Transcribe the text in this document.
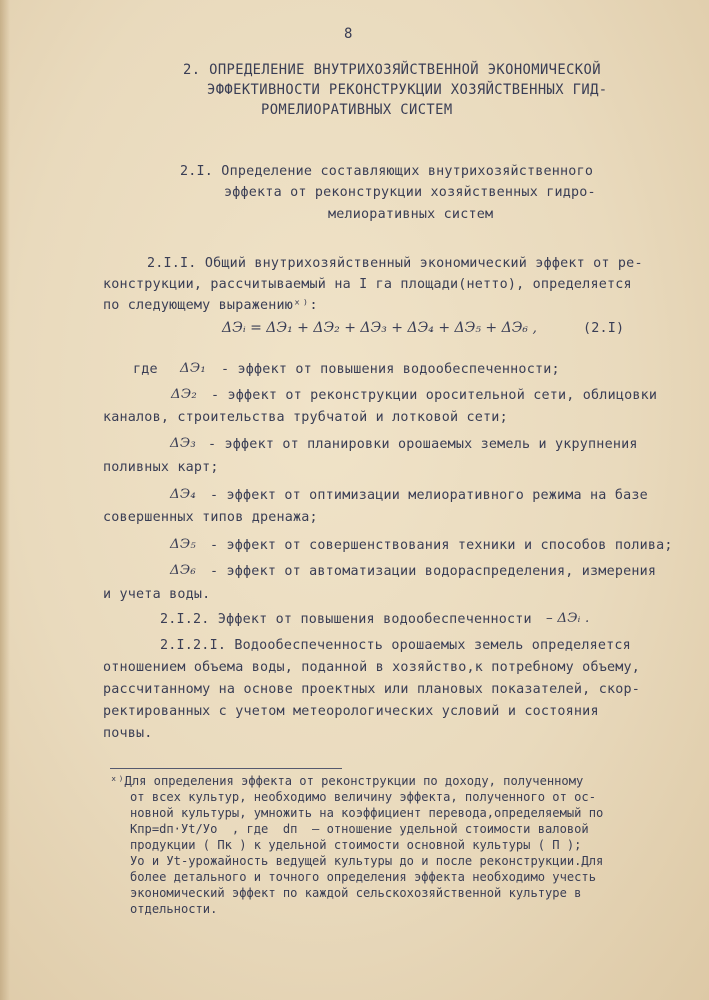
8
2. ОПРЕДЕЛЕНИЕ ВНУТРИХОЗЯЙСТВЕННОЙ ЭКОНОМИЧЕСКОЙ
ЭФФЕКТИВНОСТИ РЕКОНСТРУКЦИИ ХОЗЯЙСТВЕННЫХ ГИД-
РОМЕЛИОРАТИВНЫХ СИСТЕМ
2.I. Определение составляющих внутрихозяйственного
эффекта от реконструкции хозяйственных гидро-
мелиоративных систем
2.I.I. Общий внутрихозяйственный экономический эффект от ре-
конструкции, рассчитываемый на I га площади(нетто), определяется
по следующему выражениюˣ⁾:
ΔЭᵢ = ΔЭ₁ + ΔЭ₂ + ΔЭ₃ + ΔЭ₄ + ΔЭ₅ + ΔЭ₆ ,	(2.I)
где ΔЭ₁ - эффект от повышения водообеспеченности;
ΔЭ₂ - эффект от реконструкции оросительной сети, облицовки
каналов, строительства трубчатой и лотковой сети;
ΔЭ₃ - эффект от планировки орошаемых земель и укрупнения
поливных карт;
ΔЭ₄ - эффект от оптимизации мелиоративного режима на базе
совершенных типов дренажа;
ΔЭ₅ - эффект от совершенствования техники и способов полива;
ΔЭ₆ - эффект от автоматизации водораспределения, измерения
и учета воды.
2.I.2. Эффект от повышения водообеспеченности – ΔЭᵢ .
2.I.2.I. Водообеспеченность орошаемых земель определяется
отношением объема воды, поданной в хозяйство,к потребному объему,
рассчитанному на основе проектных или плановых показателей, скор-
ректированных с учетом метеорологических условий и состояния
почвы.
ˣ⁾Для определения эффекта от реконструкции по доходу, полученному
от всех культур, необходимо величину эффекта, полученного от ос-
новной культуры, умножить на коэффициент перевода,определяемый по
Кпр=dп·Уt/Уо  , где  dп  – отношение удельной стоимости валовой
продукции ( Пк ) к удельной стоимости основной культуры ( П );
Уо и Уt-урожайность ведущей культуры до и после реконструкции.Для
более детального и точного определения эффекта необходимо учесть
экономический эффект по каждой сельскохозяйственной культуре в
отдельности.
